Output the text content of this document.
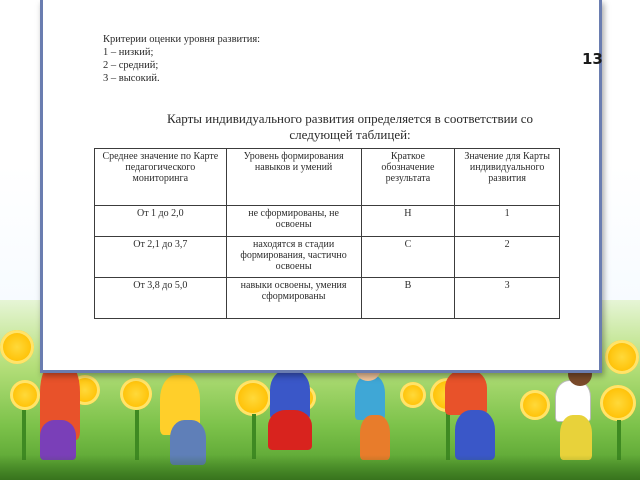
13
Критерии оценки уровня развития:
1 – низкий;
2 – средний;
3 – высокий.
Карты индивидуального развития определяется в соответствии со следующей таблицей:
Среднее значение по Карте педагогического мониторинга	Уровень формирования навыков и умений	Краткое обозначение результата	Значение для Карты индивидуального развития
От 1 до 2,0	не сформированы, не освоены	Н	1
От 2,1 до 3,7	находятся в стадии формирования, частично освоены	С	2
От 3,8 до 5,0	навыки освоены, умения сформированы	В	3
